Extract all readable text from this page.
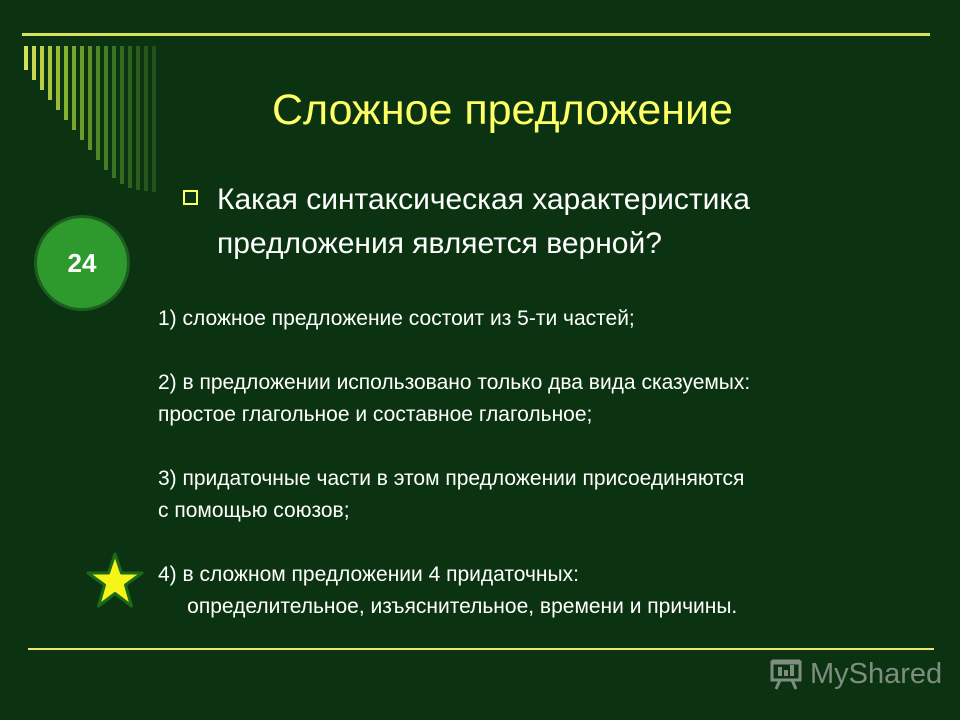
Сложное предложение
Какая синтаксическая характеристика
предложения является верной?
24

1) сложное предложение состоит из 5-ти частей;

2) в предложении использовано только два вида сказуемых:

простое глагольное и составное глагольное;

3) придаточные части в этом предложении присоединяются

с помощью союзов;

4) в сложном предложении 4 придаточных:

определительное, изъяснительное, времени и причины.

MyShared
